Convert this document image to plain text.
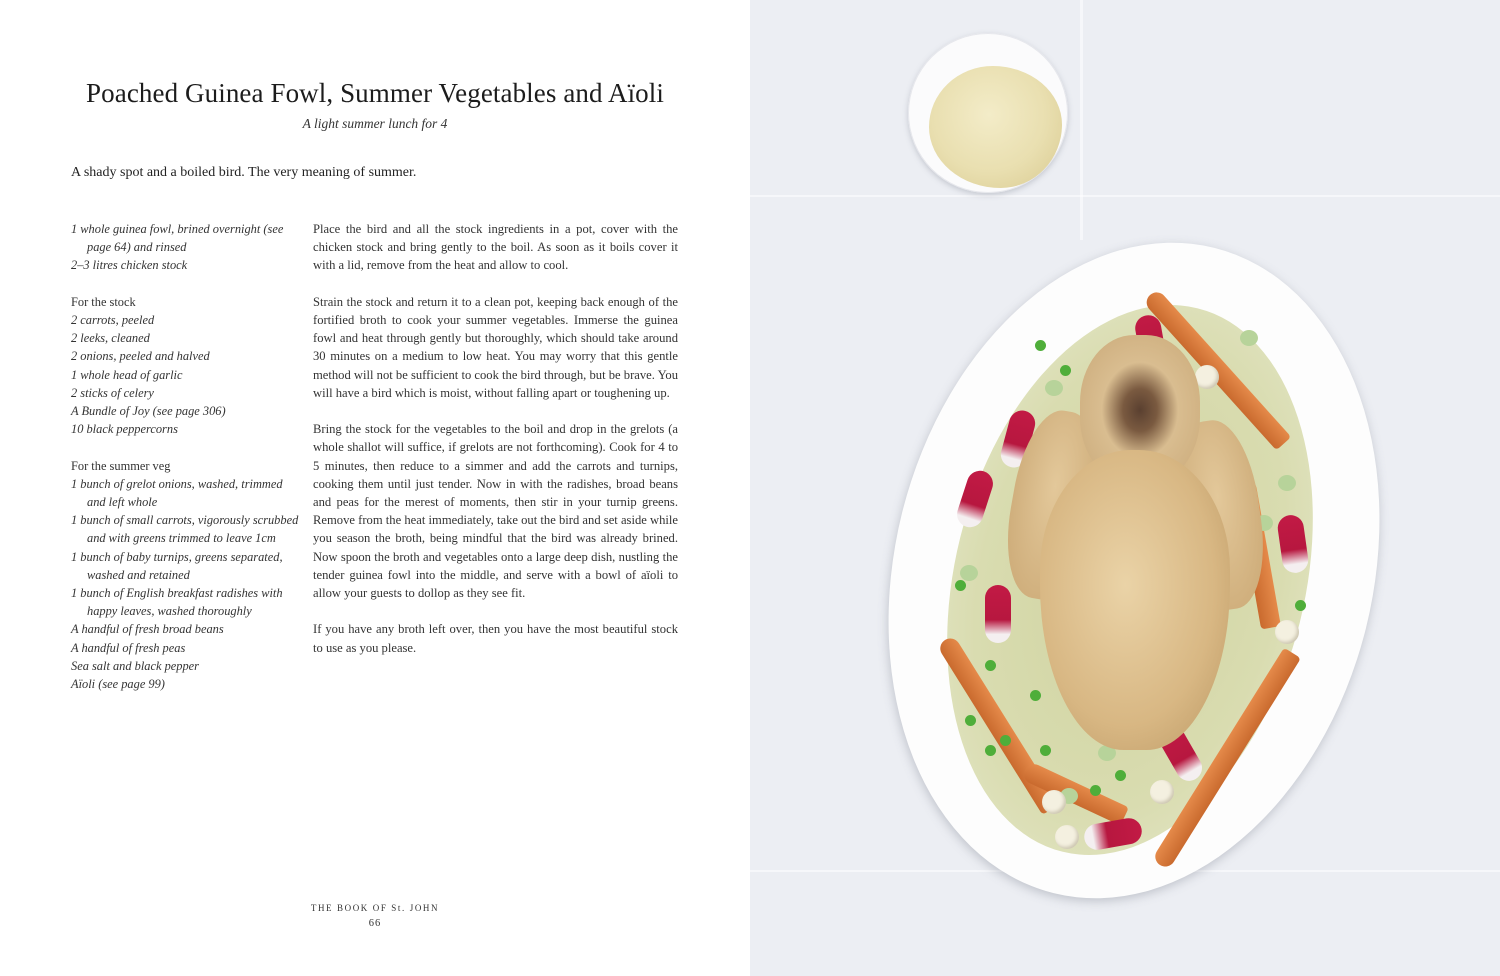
Poached Guinea Fowl, Summer Vegetables and Aïoli
A light summer lunch for 4
A shady spot and a boiled bird. The very meaning of summer.
1 whole guinea fowl, brined overnight (see page 64) and rinsed
2–3 litres chicken stock
For the stock
2 carrots, peeled
2 leeks, cleaned
2 onions, peeled and halved
1 whole head of garlic
2 sticks of celery
A Bundle of Joy (see page 306)
10 black peppercorns
For the summer veg
1 bunch of grelot onions, washed, trimmed and left whole
1 bunch of small carrots, vigorously scrubbed and with greens trimmed to leave 1cm
1 bunch of baby turnips, greens separated, washed and retained
1 bunch of English breakfast radishes with happy leaves, washed thoroughly
A handful of fresh broad beans
A handful of fresh peas
Sea salt and black pepper
Aïoli (see page 99)

Place the bird and all the stock ingredients in a pot, cover with the chicken stock and bring gently to the boil. As soon as it boils cover it with a lid, remove from the heat and allow to cool.

Strain the stock and return it to a clean pot, keeping back enough of the fortified broth to cook your summer vegetables. Immerse the guinea fowl and heat through gently but thoroughly, which should take around 30 minutes on a medium to low heat. You may worry that this gentle method will not be sufficient to cook the bird through, but be brave. You will have a bird which is moist, without falling apart or toughening up.

Bring the stock for the vegetables to the boil and drop in the grelots (a whole shallot will suffice, if grelots are not forthcoming). Cook for 4 to 5 minutes, then reduce to a simmer and add the carrots and turnips, cooking them until just tender. Now in with the radishes, broad beans and peas for the merest of moments, then stir in your turnip greens. Remove from the heat immediately, take out the bird and set aside while you season the broth, being mindful that the bird was already brined. Now spoon the broth and vegetables onto a large deep dish, nustling the tender guinea fowl into the middle, and serve with a bowl of aïoli to allow your guests to dollop as they see fit.

If you have any broth left over, then you have the most beautiful stock to use as you please.

THE BOOK OF St. JOHN
66
